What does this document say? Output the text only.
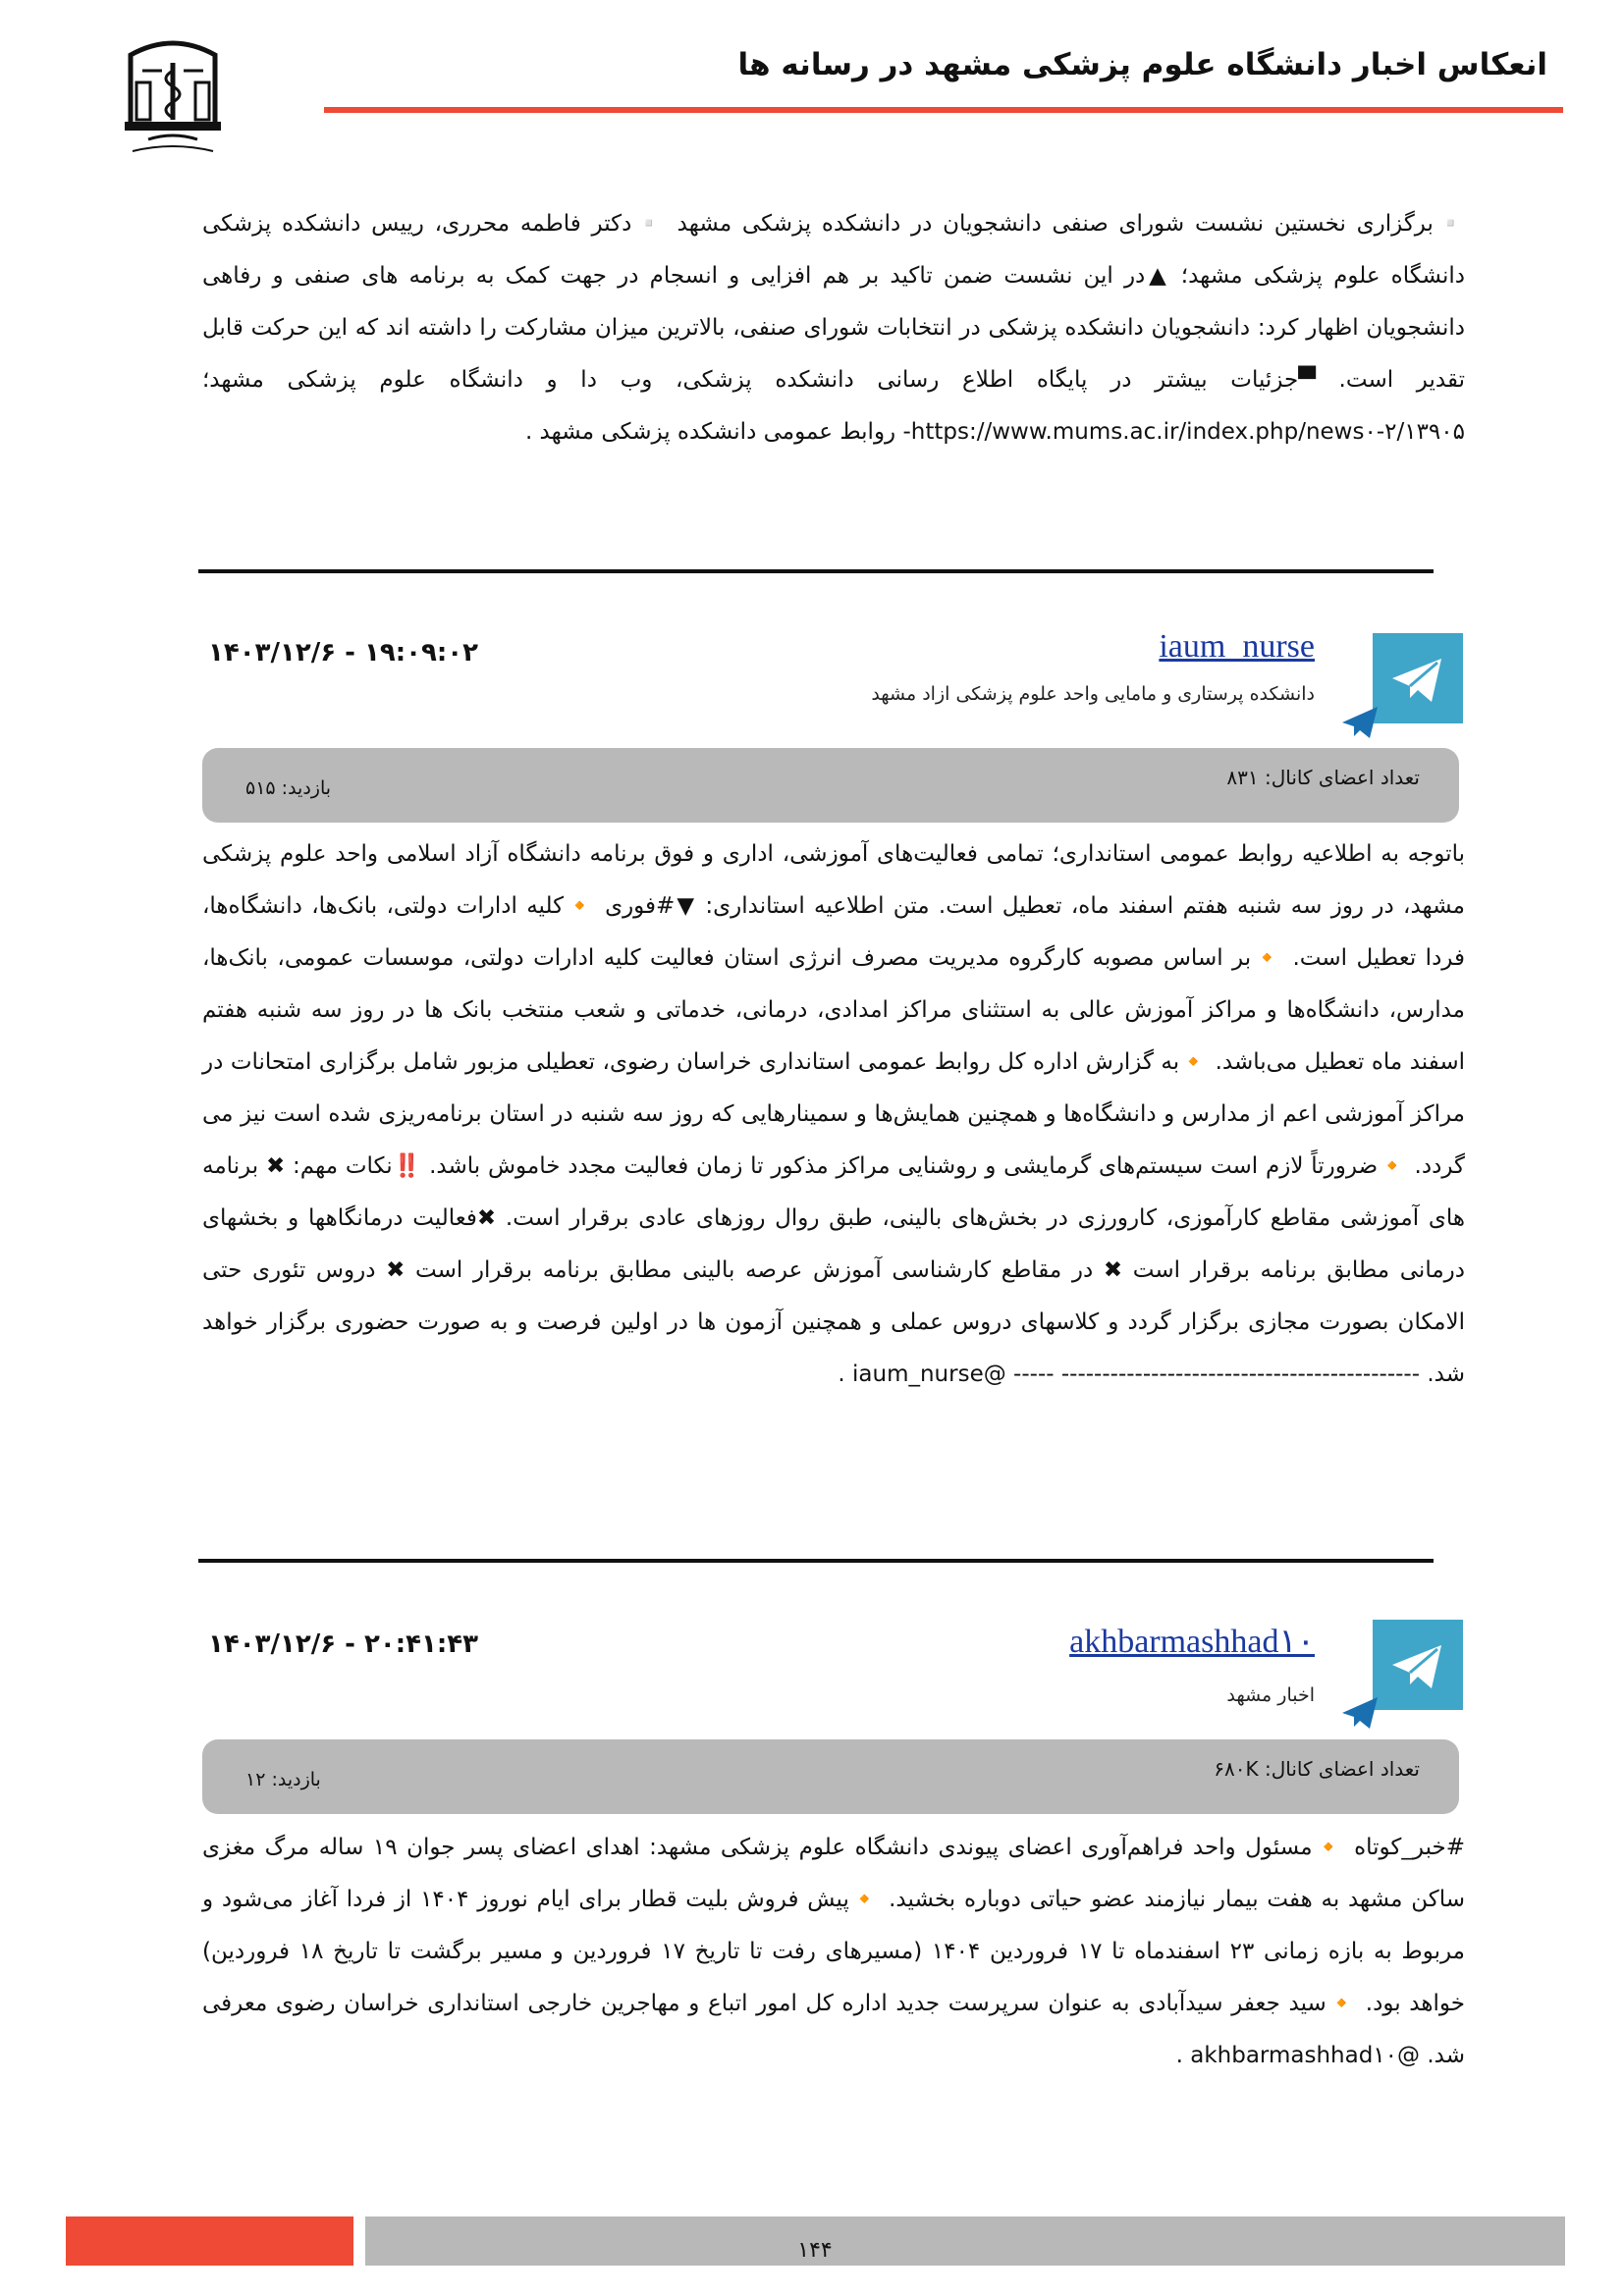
انعکاس اخبار دانشگاه علوم پزشکی مشهد در رسانه ها
▫️برگزاری نخستین نشست شورای صنفی دانشجویان در دانشکده پزشکی مشهد ▫️دکتر فاطمه محرری، رییس دانشکده پزشکی دانشگاه علوم پزشکی مشهد؛ ▲در این نشست ضمن تاکید بر هم افزایی و انسجام در جهت کمک به برنامه های صنفی و رفاهی دانشجویان اظهار کرد: دانشجویان دانشکده پزشکی در انتخابات شورای صنفی، بالاترین میزان مشارکت را داشته اند که این حرکت قابل تقدیر است. ▀جزئیات بیشتر در پایگاه اطلاع رسانی دانشکده پزشکی، وب دا و دانشگاه علوم پزشکی مشهد؛ https://www.mums.ac.ir/index.php/news۰-۲/۱۳۹۰۵- روابط عمومی دانشکده پزشکی مشهد .
iaum_nurse
دانشکده پرستاری و مامایی واحد علوم پزشکی ازاد مشهد
۱۹:۰۹:۰۲ - ۱۴۰۳/۱۲/۶
تعداد اعضای کانال: ۸۳۱
بازدید: ۵۱۵
باتوجه به اطلاعیه روابط عمومی استانداری؛ تمامی فعالیت‌های آموزشی، اداری و فوق برنامه دانشگاه آزاد اسلامی واحد علوم پزشکی مشهد، در روز سه شنبه هفتم اسفند ماه، تعطیل است. متن اطلاعیه استانداری: ▼#فوری 🔸کلیه ادارات دولتی، بانک‌ها، دانشگاه‌ها، فردا تعطیل است. 🔸بر اساس مصوبه کارگروه مدیریت مصرف انرژی استان فعالیت کلیه ادارات دولتی، موسسات عمومی، بانک‌ها، مدارس، دانشگاه‌ها و مراکز آموزش عالی به استثنای مراکز امدادی، درمانی، خدماتی و شعب منتخب بانک ها در روز سه شنبه هفتم اسفند ماه تعطیل می‌باشد. 🔸به گزارش اداره کل روابط عمومی استانداری خراسان رضوی، تعطیلی مزبور شامل برگزاری امتحانات در مراکز آموزشی اعم از مدارس و دانشگاه‌ها و همچنین همایش‌ها و سمینارهایی که روز سه شنبه در استان برنامه‌ریزی شده است نیز می گردد. 🔸ضرورتاً لازم است سیستم‌های گرمایشی و روشنایی مراکز مذکور تا زمان فعالیت مجدد خاموش باشد. ‼️نکات مهم: ✖ برنامه های آموزشی مقاطع کارآموزی، کارورزی در بخش‌های بالینی، طبق روال روزهای عادی برقرار است. ✖فعالیت درمانگاهها و بخشهای درمانی مطابق برنامه برقرار است ✖ در مقاطع کارشناسی آموزش عرصه بالینی مطابق برنامه برقرار است ✖ دروس تئوری حتی الامکان بصورت مجازی برگزار گردد و کلاسهای دروس عملی و همچنین آزمون ها در اولین فرصت و به صورت حضوری برگزار خواهد شد. -------------------------------------------- ----- @iaum_nurse .
akhbarmashhad۱۰
اخبار مشهد
۲۰:۴۱:۴۳ - ۱۴۰۳/۱۲/۶
تعداد اعضای کانال: ۶۸۰K
بازدید: ۱۲
#خبر_کوتاه 🔸مسئول واحد فراهم‌آوری اعضای پیوندی دانشگاه علوم پزشکی مشهد: اهدای اعضای پسر جوان ۱۹ ساله مرگ مغزی ساکن مشهد به هفت بیمار نیازمند عضو حیاتی دوباره بخشید. 🔸پیش فروش بلیت قطار برای ایام نوروز ۱۴۰۴ از فردا آغاز می‌شود و مربوط به بازه زمانی ۲۳ اسفندماه تا ۱۷ فروردین ۱۴۰۴ (مسیرهای رفت تا تاریخ ۱۷ فروردین و مسیر برگشت تا تاریخ ۱۸ فروردین) خواهد بود. 🔸سید جعفر سیدآبادی به عنوان سرپرست جدید اداره کل امور اتباع و مهاجرین خارجی استانداری خراسان رضوی معرفی شد. @akhbarmashhad۱۰ .
۱۴۴
